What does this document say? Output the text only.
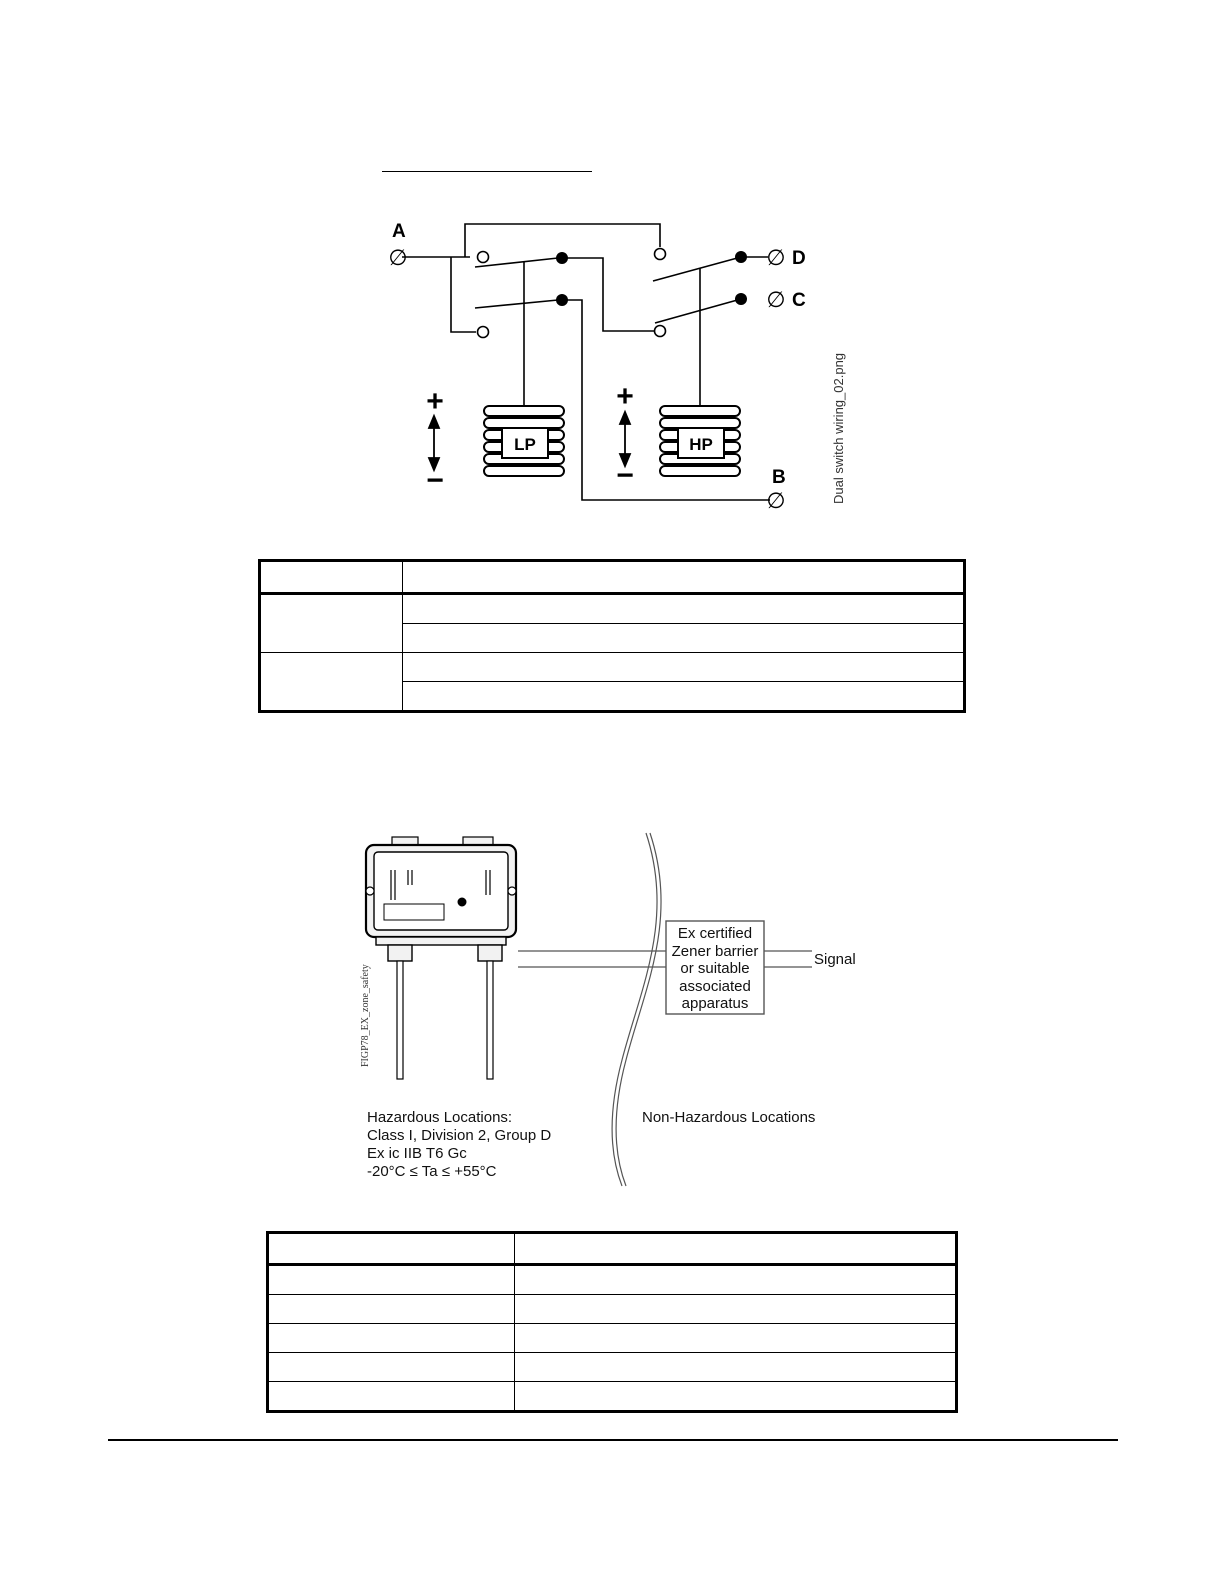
∅	∅
∅
∅
A
D
C
B
LP	HP
+
−
+
−	Dual switch wiring_02.png

Ex certified
Zener barrier
or suitable
associated
apparatus
Signal
FIGP78_EX_zone_safety
Hazardous Locations:
Class I, Division 2, Group D
Ex ic IIB T6 Gc
-20°C ≤ Ta ≤ +55°C
Non-Hazardous Locations
